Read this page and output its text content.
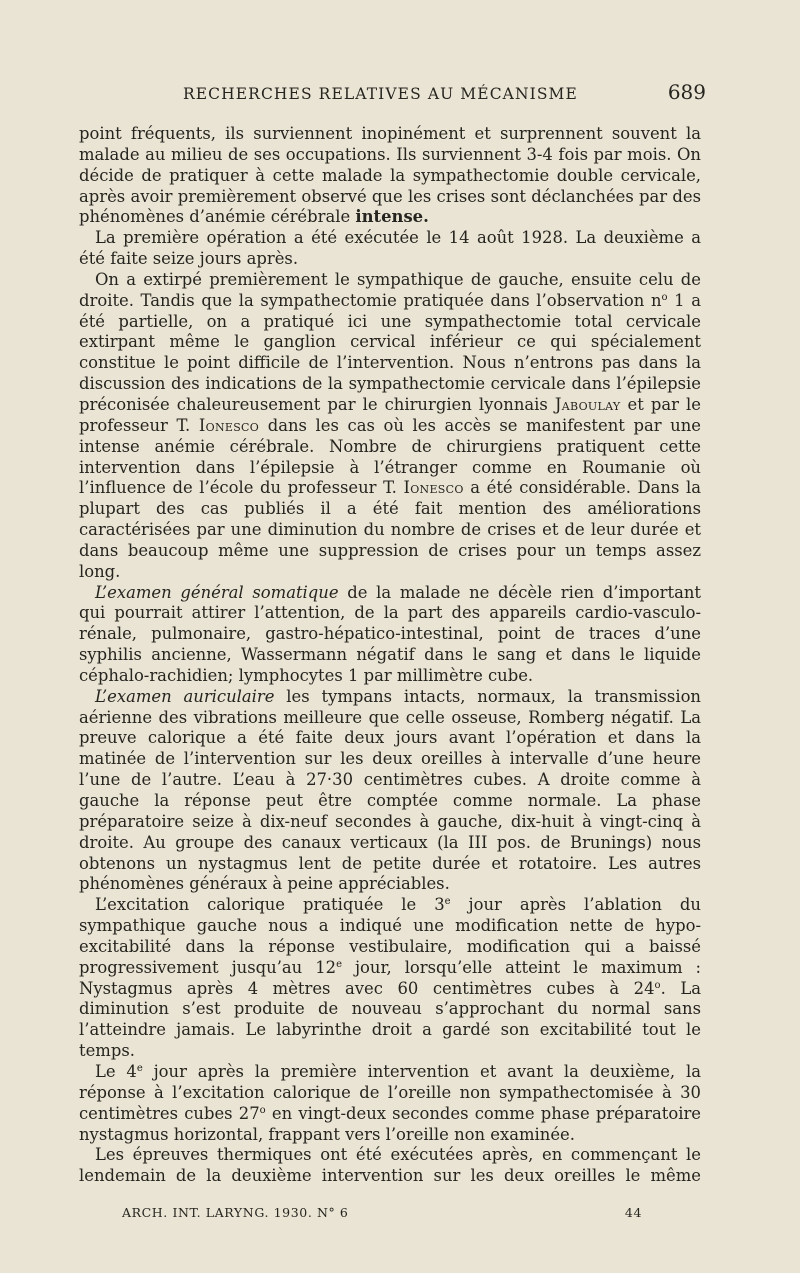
RECHERCHES RELATIVES AU MÉCANISME	689

point fréquents, ils surviennent inopinément et surprennent souvent la malade au milieu de ses occupations. Ils surviennent 3-4 fois par mois. On décide de pratiquer à cette malade la sympathectomie double cervicale, après avoir premièrement observé que les crises sont déclanchées par des phénomènes d’anémie cérébrale intense.

La première opération a été exécutée le 14 août 1928. La deuxième a été faite seize jours après.

On a extirpé premièrement le sympathique de gauche, ensuite celu de droite. Tandis que la sympathectomie pratiquée dans l’observation $n^o$ 1 a été partielle, on a pratiqué ici une sympathectomie total cervicale extirpant même le ganglion cervical inférieur ce qui spécialement constitue le point difficile de l’intervention. Nous n’entrons pas dans la discussion des indications de la sympathectomie cervicale dans l’épilepsie préconisée chaleureusement par le chirurgien lyonnais Jaboulay et par le professeur T. Ionesco dans les cas où les accès se manifestent par une intense anémie cérébrale. Nombre de chirurgiens pratiquent cette intervention dans l’épilepsie à l’étranger comme en Roumanie où l’influence de l’école du professeur T. Ionesco a été considérable. Dans la plupart des cas publiés il a été fait mention des améliorations caractérisées par une diminution du nombre de crises et de leur durée et dans beaucoup même une suppression de crises pour un temps assez long.

L’examen général somatique de la malade ne décèle rien d’important qui pourrait attirer l’attention, de la part des appareils cardio-vasculo-rénale, pulmonaire, gastro-hépatico-intestinal, point de traces d’une syphilis ancienne, Wassermann négatif dans le sang et dans le liquide céphalo-rachidien; lymphocytes 1 par millimètre cube.

L’examen auriculaire les tympans intacts, normaux, la transmission aérienne des vibrations meilleure que celle osseuse, Romberg négatif. La preuve calorique a été faite deux jours avant l’opération et dans la matinée de l’intervention sur les deux oreilles à intervalle d’une heure l’une de l’autre. L’eau à 27·30 centimètres cubes. A droite comme à gauche la réponse peut être comptée comme normale. La phase préparatoire seize à dix-neuf secondes à gauche, dix-huit à vingt-cinq à droite. Au groupe des canaux verticaux (la III pos. de Brunings) nous obtenons un nystagmus lent de petite durée et rotatoire. Les autres phénomènes généraux à peine appréciables.

L’excitation calorique pratiquée le 3e jour après l’ablation du sympathique gauche nous a indiqué une modification nette de hypo-excitabilité dans la réponse vestibulaire, modification qui a baissé progressivement jusqu’au 12e jour, lorsqu’elle atteint le maximum : Nystagmus après 4 mètres avec 60 centimètres cubes à 24$^o$. La diminution s’est produite de nouveau s’approchant du normal sans l’atteindre jamais. Le labyrinthe droit a gardé son excitabilité tout le temps.

Le 4e jour après la première intervention et avant la deuxième, la réponse à l’excitation calorique de l’oreille non sympathectomisée à 30 centimètres cubes 27$^o$ en vingt-deux secondes comme phase préparatoire nystagmus horizontal, frappant vers l’oreille non examinée.

Les épreuves thermiques ont été exécutées après, en commençant le lendemain de la deuxième intervention sur les deux oreilles le même

ARCH. INT. LARYNG. 1930. N° 6	44
